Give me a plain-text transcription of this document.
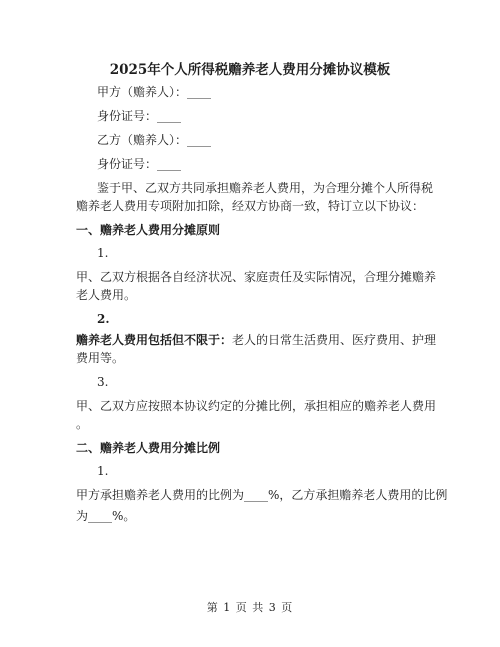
2025年个人所得税赡养老人费用分摊协议模板
甲方（赡养人）：____
身份证号：____
乙方（赡养人）：____
身份证号：____
鉴于甲、乙双方共同承担赡养老人费用，为合理分摊个人所得税
赡养老人费用专项附加扣除，经双方协商一致，特订立以下协议：
一、赡养老人费用分摊原则
1.
甲、乙双方根据各自经济状况、家庭责任及实际情况，合理分摊赡养
老人费用。
2.
赡养老人费用包括但不限于：老人的日常生活费用、医疗费用、护理
费用等。
3.
甲、乙双方应按照本协议约定的分摊比例，承担相应的赡养老人费用
。
二、赡养老人费用分摊比例
1.
甲方承担赡养老人费用的比例为____%，乙方承担赡养老人费用的比例
为____%。
第 1 页 共 3 页
